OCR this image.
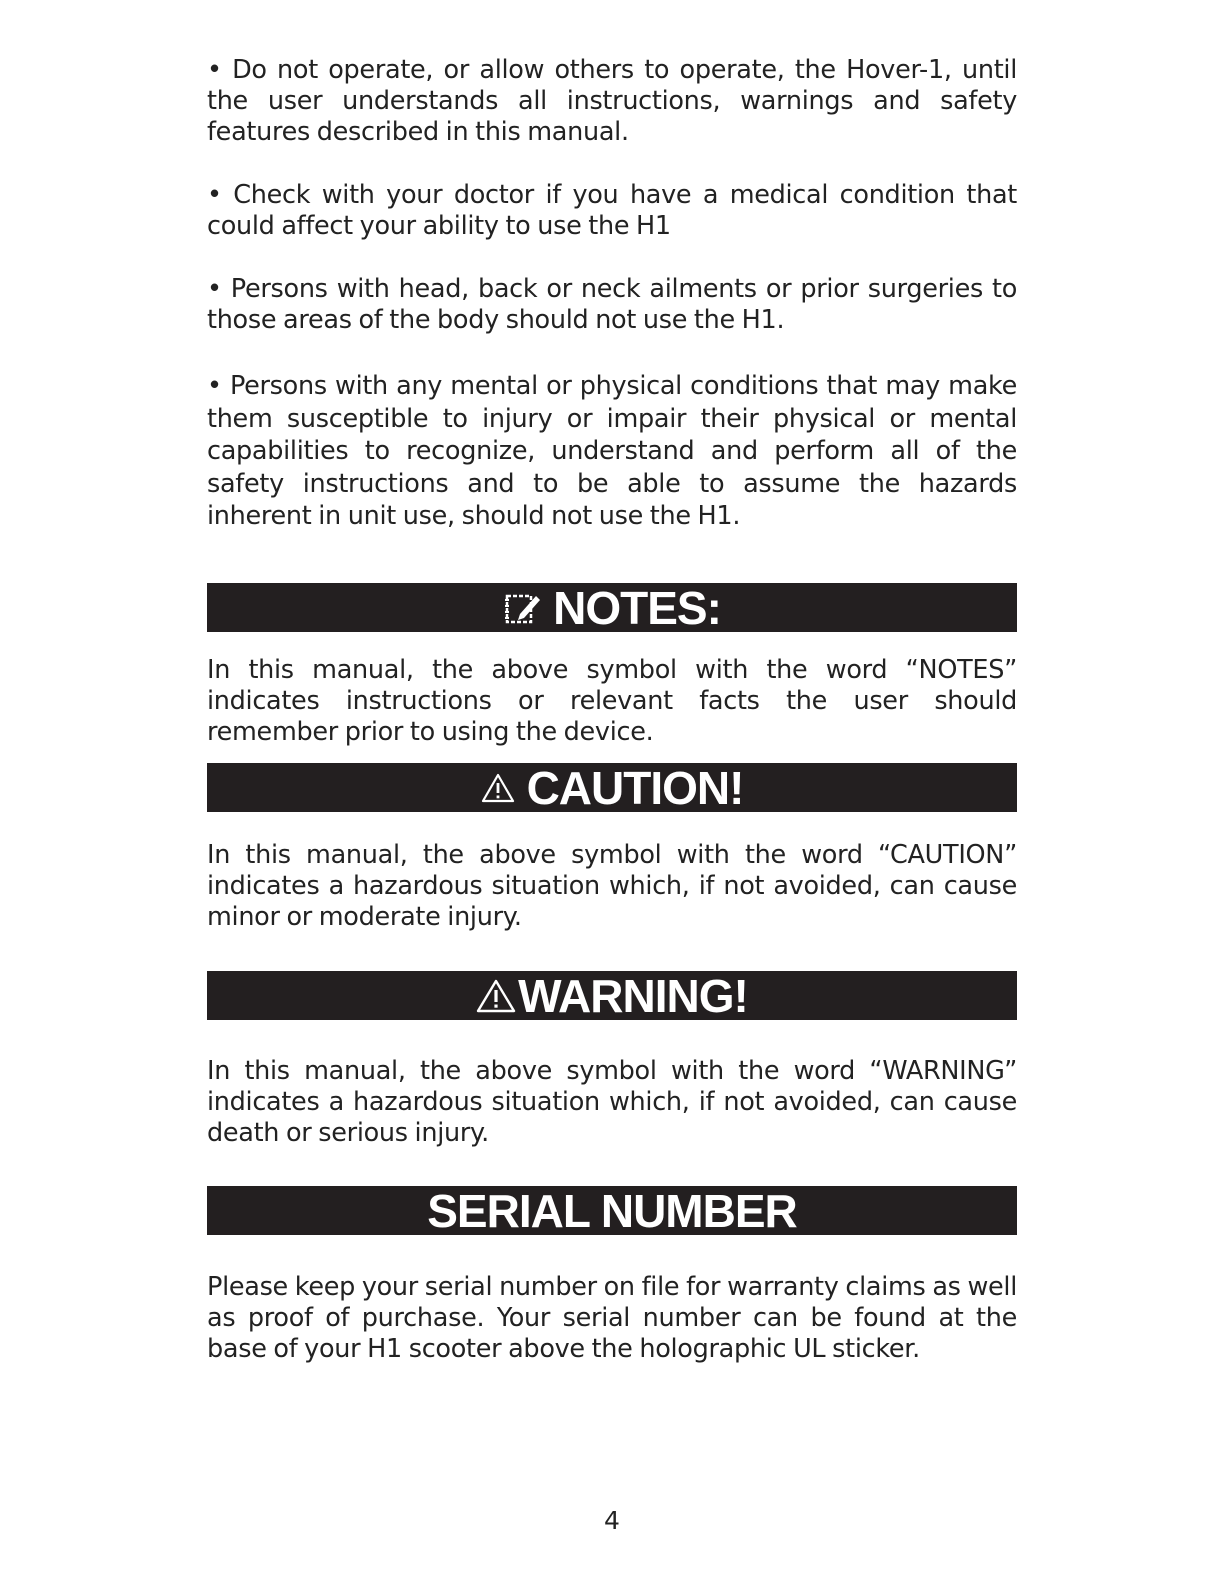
• Do not operate, or allow others to operate, the Hover-1, until the user understands all instructions, warnings and safety features described in this manual.

• Check with your doctor if you have a medical condition that could affect your ability to use the H1

• Persons with head, back or neck ailments or prior surgeries to those areas of the body should not use the H1.

• Persons with any mental or physical conditions that may make them susceptible to injury or impair their physical or mental capabilities to recognize, understand and perform all of the safety instructions and to be able to assume the hazards inherent in unit use, should not use the H1.

NOTES:

In this manual, the above symbol with the word “NOTES” indicates instructions or relevant facts the user should remember prior to using the device.

CAUTION!

In this manual, the above symbol with the word “CAUTION” indicates a hazardous situation which, if not avoided, can cause minor or moderate injury.

WARNING!

In this manual, the above symbol with the word “WARNING” indicates a hazardous situation which, if not avoided, can cause death or serious injury.

SERIAL NUMBER

Please keep your serial number on file for warranty claims as well as proof of purchase. Your serial number can be found at the base of your H1 scooter above the holographic UL sticker.

4
